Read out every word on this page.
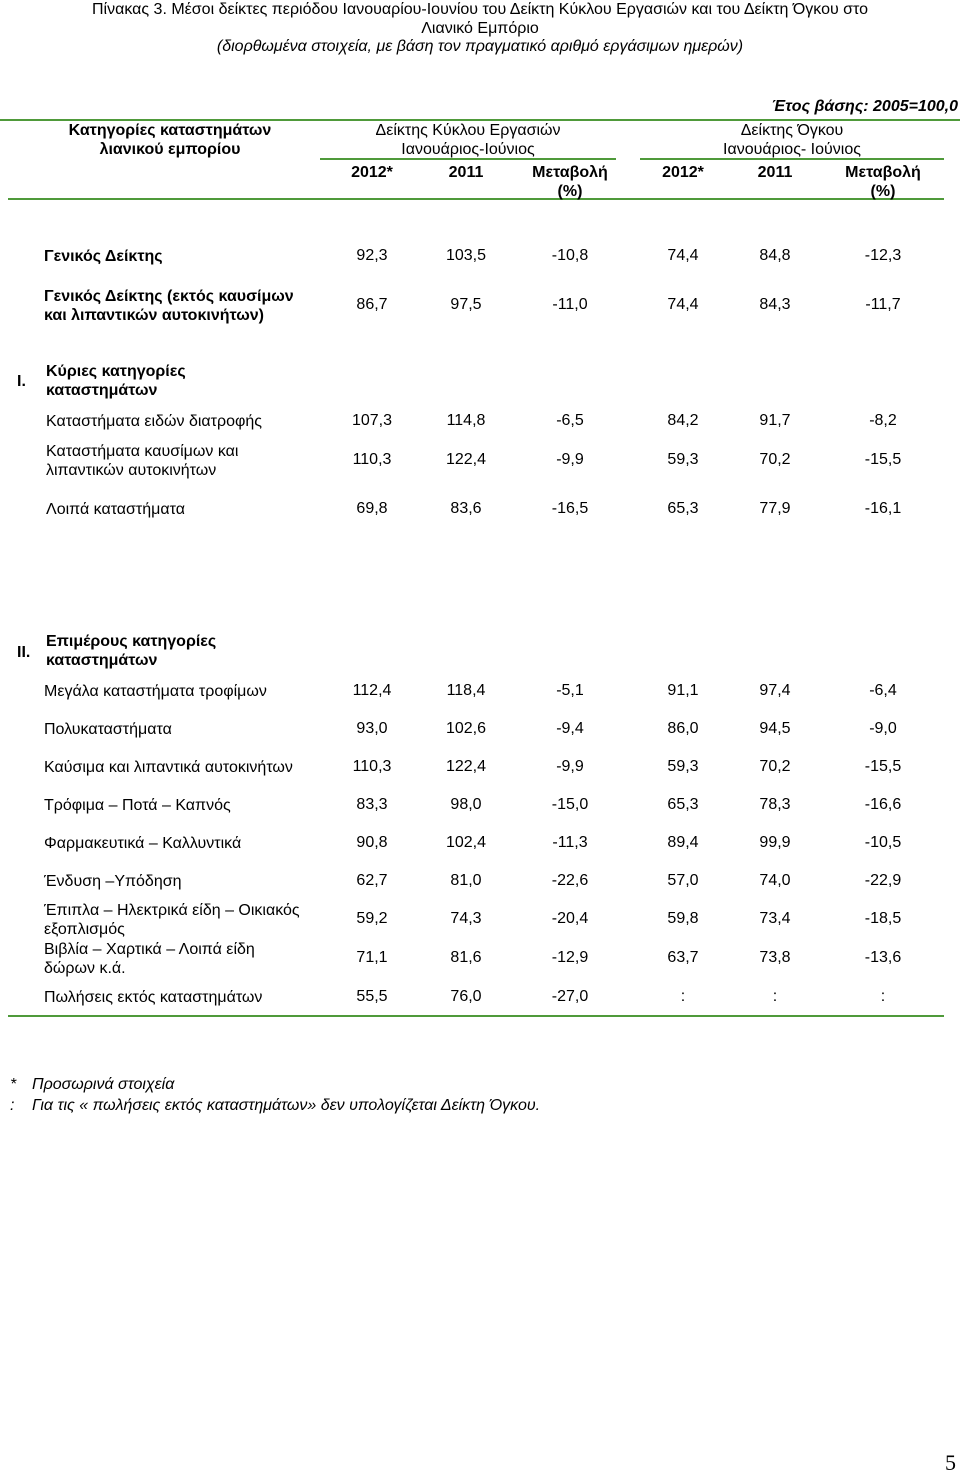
Πίνακας 3. Μέσοι δείκτες περιόδου Ιανουαρίου-Ιουνίου του Δείκτη Κύκλου Εργασιών και του Δείκτη Όγκου στο
Λιανικό Εμπόριο
(διορθωμένα στοιχεία, με βάση τον πραγματικό αριθμό εργάσιμων ημερών)
Έτος βάσης: 2005=100,0
Κατηγορίες καταστημάτων
λιανικού εμπορίου
Δείκτης Κύκλου Εργασιών
Ιανουάριος-Ιούνιος
Δείκτης Όγκου
Ιανουάριος- Ιούνιος
2012*	2011	Μεταβολή
(%)
2012*	2011	Μεταβολή
(%)
Γενικός Δείκτης	92,3	103,5	-10,8	74,4	84,8	-12,3
Γενικός Δείκτης (εκτός καυσίμων
και λιπαντικών αυτοκινήτων)
86,7	97,5	-11,0	74,4	84,3	-11,7
I.
Κύριες κατηγορίες
καταστημάτων
Καταστήματα ειδών διατροφής	107,3	114,8	-6,5	84,2	91,7	-8,2
Καταστήματα καυσίμων και
λιπαντικών αυτοκινήτων
110,3	122,4	-9,9	59,3	70,2	-15,5
Λοιπά καταστήματα	69,8	83,6	-16,5	65,3	77,9	-16,1
II.
Επιμέρους κατηγορίες
καταστημάτων
Μεγάλα καταστήματα τροφίμων	112,4	118,4	-5,1	91,1	97,4	-6,4
Πολυκαταστήματα	93,0	102,6	-9,4	86,0	94,5	-9,0
Καύσιμα και λιπαντικά αυτοκινήτων	110,3	122,4	-9,9	59,3	70,2	-15,5
Τρόφιμα – Ποτά – Καπνός	83,3	98,0	-15,0	65,3	78,3	-16,6
Φαρμακευτικά – Καλλυντικά	90,8	102,4	-11,3	89,4	99,9	-10,5
Ένδυση –Υπόδηση	62,7	81,0	-22,6	57,0	74,0	-22,9
Έπιπλα – Ηλεκτρικά είδη – Οικιακός
εξοπλισμός
59,2	74,3	-20,4	59,8	73,4	-18,5
Βιβλία – Χαρτικά – Λοιπά είδη
δώρων κ.ά.
71,1	81,6	-12,9	63,7	73,8	-13,6
Πωλήσεις εκτός καταστημάτων	55,5	76,0	-27,0	:	:	:
* Προσωρινά στοιχεία
: Για τις « πωλήσεις εκτός καταστημάτων» δεν υπολογίζεται Δείκτη Όγκου.
5
